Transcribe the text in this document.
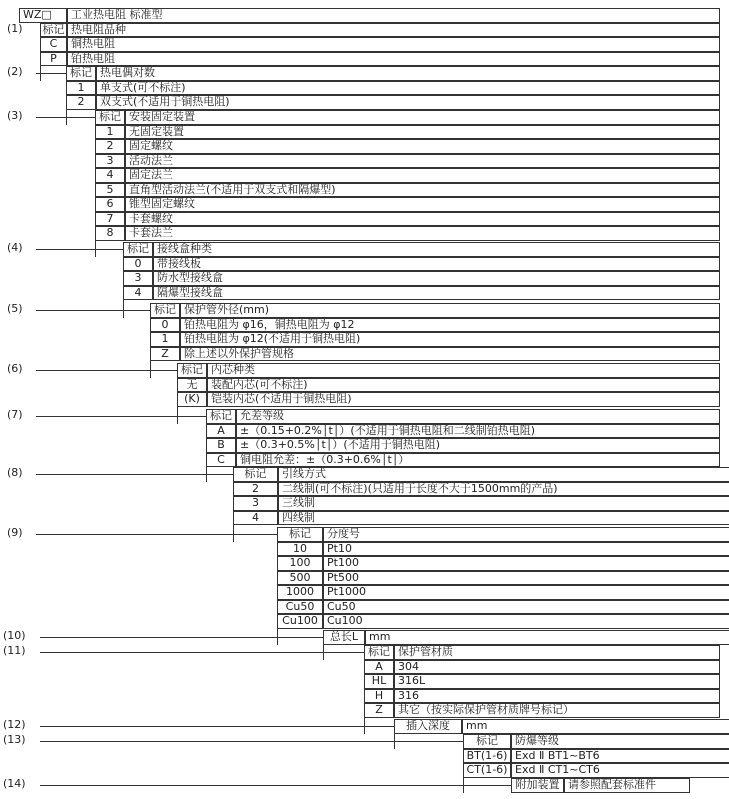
WZ□	工业热电阻 标准型
(1) 标记 热电阻品种
C	铜热电阻
P	铂热电阻
(2)	标记 热电偶对数
1	单支式(可不标注)
2	双支式(不适用于铜热电阻)
(3)	标记 安装固定装置
1	无固定装置
2	固定螺纹
3	活动法兰
4	固定法兰
5	直角型活动法兰(不适用于双支式和隔爆型)
6	锥型固定螺纹
7	卡套螺纹
8	卡套法兰
(4)	标记 接线盒种类
0	带接线板
3	防水型接线盒
4	隔爆型接线盒
(5)	标记 保护管外径(mm)
0	铂热电阻为 φ16，铜热电阻为 φ12
1	铂热电阻为 φ12(不适用于铜热电阻)
Z	除上述以外保护管规格
(6)	标记 内芯种类
无	装配内芯(可不标注)
(K)	铠装内芯(不适用于铜热电阻)
(7)	标记 允差等级
A	±（0.15+0.2%│t│）(不适用于铜热电阻和二线制铂热电阻)
B	±（0.3+0.5%│t│）(不适用于铜热电阻)
C	铜电阻允差：±（0.3+0.6%│t│）
(8)	标记	引线方式
2	二线制(可不标注)(只适用于长度不大于1500mm的产品)
3	三线制
4	四线制
(9)	标记	分度号
10	Pt10
100	Pt100
500	Pt500
1000	Pt1000
Cu50	Cu50
Cu100 Cu100
(10)	总长L mm
(11)	标记 保护管材质
A	304
HL	316L
H	316
Z	其它（按实际保护管材质牌号标记）
(12)	插入深度	mm
(13)	标记	防爆等级
BT(1-6) Exd Ⅱ BT1~BT6
CT(1-6) Exd Ⅱ CT1~CT6
(14)	附加装置 请参照配套标准件
